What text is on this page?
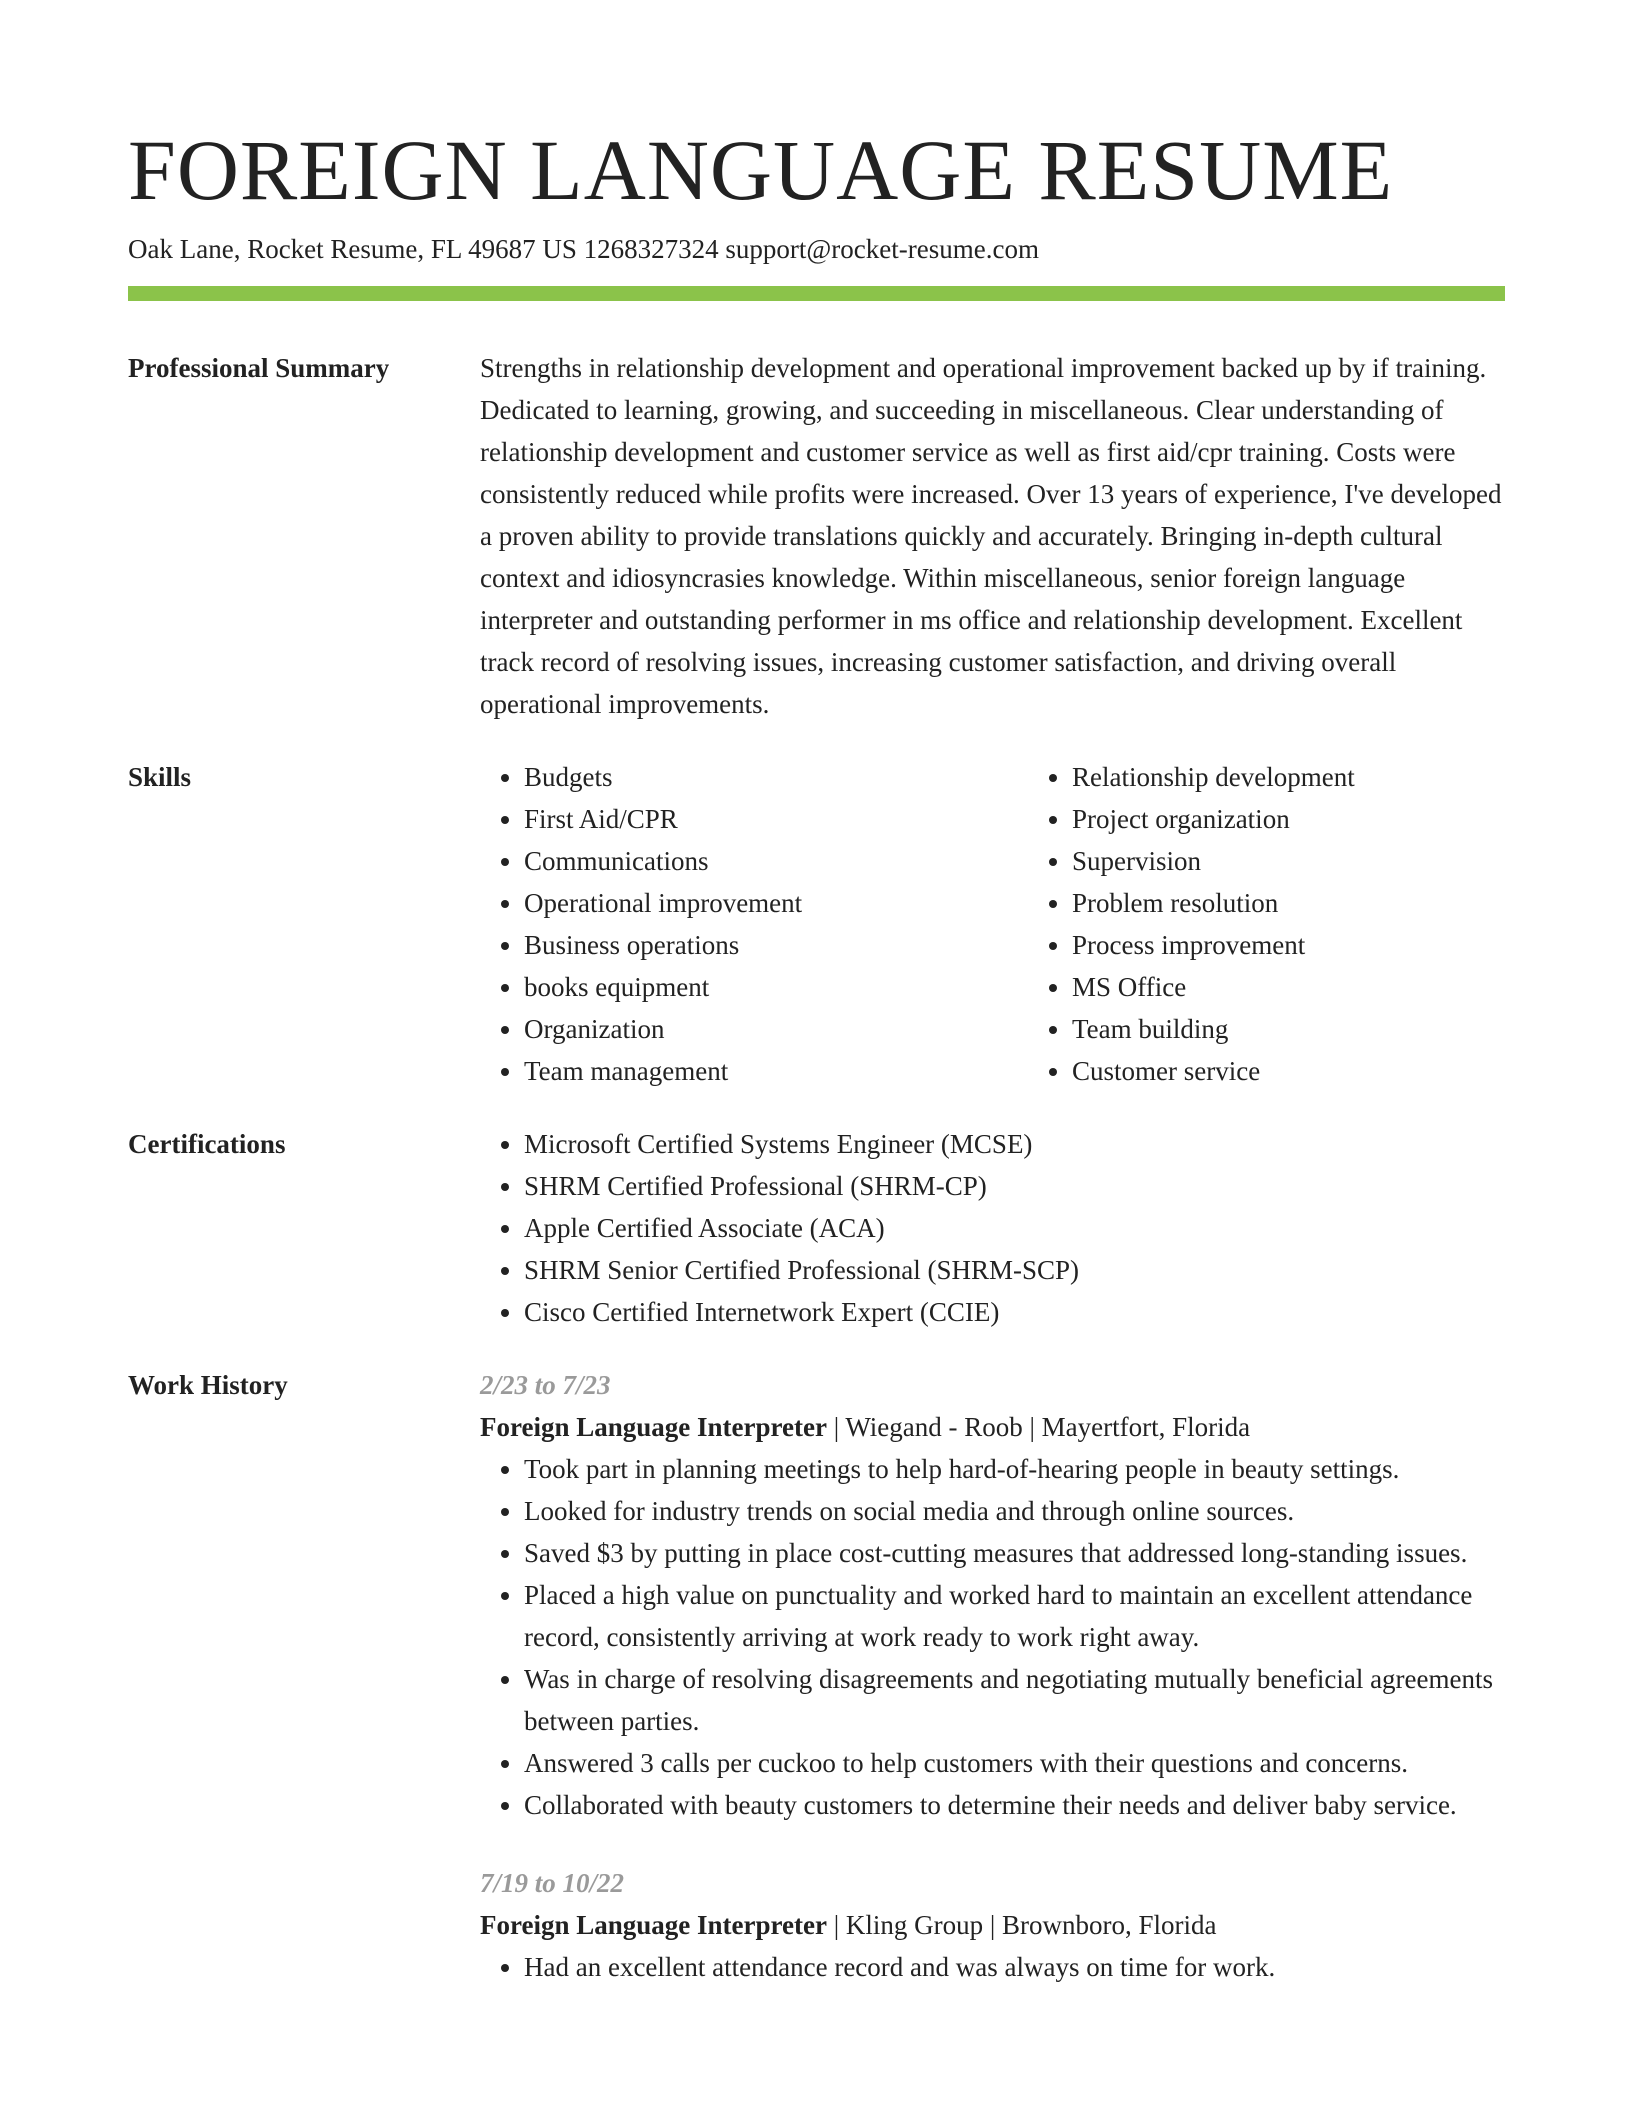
FOREIGN LANGUAGE RESUME
Oak Lane, Rocket Resume, FL 49687 US 1268327324 support@rocket-resume.com
Professional Summary	Strengths in relationship development and operational improvement backed up by if training. Dedicated to learning, growing, and succeeding in miscellaneous. Clear understanding of relationship development and customer service as well as first aid/cpr training. Costs were consistently reduced while profits were increased. Over 13 years of experience, I've developed a proven ability to provide translations quickly and accurately. Bringing in-depth cultural context and idiosyncrasies knowledge. Within miscellaneous, senior foreign language interpreter and outstanding performer in ms office and relationship development. Excellent track record of resolving issues, increasing customer satisfaction, and driving overall operational improvements.

Skills	• Budgets
• First Aid/CPR
• Communications
• Operational improvement
• Business operations
• books equipment
• Organization
• Team management
• Relationship development
• Project organization
• Supervision
• Problem resolution
• Process improvement
• MS Office
• Team building
• Customer service
Certifications	• Microsoft Certified Systems Engineer (MCSE)
• SHRM Certified Professional (SHRM-CP)
• Apple Certified Associate (ACA)
• SHRM Senior Certified Professional (SHRM-SCP)
• Cisco Certified Internetwork Expert (CCIE)
Work History	2/23 to 7/23
Foreign Language Interpreter | Wiegand - Roob | Mayertfort, Florida
• Took part in planning meetings to help hard-of-hearing people in beauty settings.
• Looked for industry trends on social media and through online sources.
• Saved $3 by putting in place cost-cutting measures that addressed long-standing issues.
• Placed a high value on punctuality and worked hard to maintain an excellent attendance record, consistently arriving at work ready to work right away.
• Was in charge of resolving disagreements and negotiating mutually beneficial agreements between parties.
• Answered 3 calls per cuckoo to help customers with their questions and concerns.
• Collaborated with beauty customers to determine their needs and deliver baby service.
7/19 to 10/22
Foreign Language Interpreter | Kling Group | Brownboro, Florida
• Had an excellent attendance record and was always on time for work.
